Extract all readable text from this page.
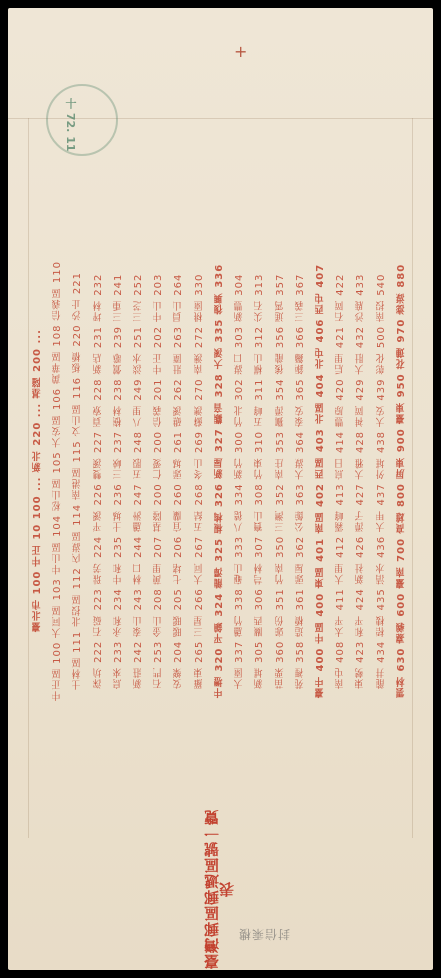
+
十 72. 11
臺北市 100 中正 10 100 ... 新北 220 ... 基隆 200 ... 中正區 100 大同區 103 中山區 104 松山區 105 大安區 106 萬華區 108 信義區 110 士林區 111 北投區 112 內湖區 114 南港區 115 文山區 116 板橋 220 汐止 221 深坑 222 石碇 223 瑞芳 224 平溪 226 雙溪 227 貢寮 228 新店 231 坪林 232 烏來 233 永和 234 中和 235 土城 236 三峽 237 樹林 238 鶯歌 239 三重 241 新莊 242 泰山 243 林口 244 蘆洲 247 五股 248 八里 249 淡水 251 三芝 252 石門 253 金山 208 萬里 207 基隆 200 仁愛 200 信義 201 中正 202 中山 203 安樂 204 暖暖 205 七堵 206 宜蘭 260 頭城 261 礁溪 262 壯圍 263 員山 264 羅東 265 三星 266 大同 267 五結 268 冬山 269 蘇澳 270 南澳 272 桃園 330 中壢 320 平鎮 324 龍潭 325 楊梅 326 新屋 327 觀音 328 大溪 335 復興 336 大園 337 蘆竹 338 龜山 333 八德 334 新竹 300 竹北 302 湖口 303 新豐 304 新埔 305 關西 306 芎林 307 寶山 308 竹東 310 五峰 311 橫山 312 尖石 313 苗栗 360 頭份 351 竹南 350 三灣 352 南庄 353 獅潭 354 後龍 356 通霄 357 苑裡 358 造橋 361 頭屋 362 公館 363 大湖 364 泰安 365 銅鑼 366 三義 367 臺中 400 中區 400 東區 401 南區 402 西區 403 北區 404 北屯 406 西屯 407 南屯 408 太平 411 大里 412 霧峰 413 烏日 414 豐原 420 后里 421 石岡 422 東勢 423 和平 424 新社 426 潭子 427 大雅 428 神岡 429 大肚 432 沙鹿 433 龍井 434 梧棲 435 清水 436 大甲 437 外埔 438 大安 439 彰化 500 南投 540 雲林 630 嘉義 600 臺南 700 高雄 800 屏東 900 臺東 950 花蓮 970 澎湖 880
臺灣郵區郵遞區號一覽表
封信乘樓
